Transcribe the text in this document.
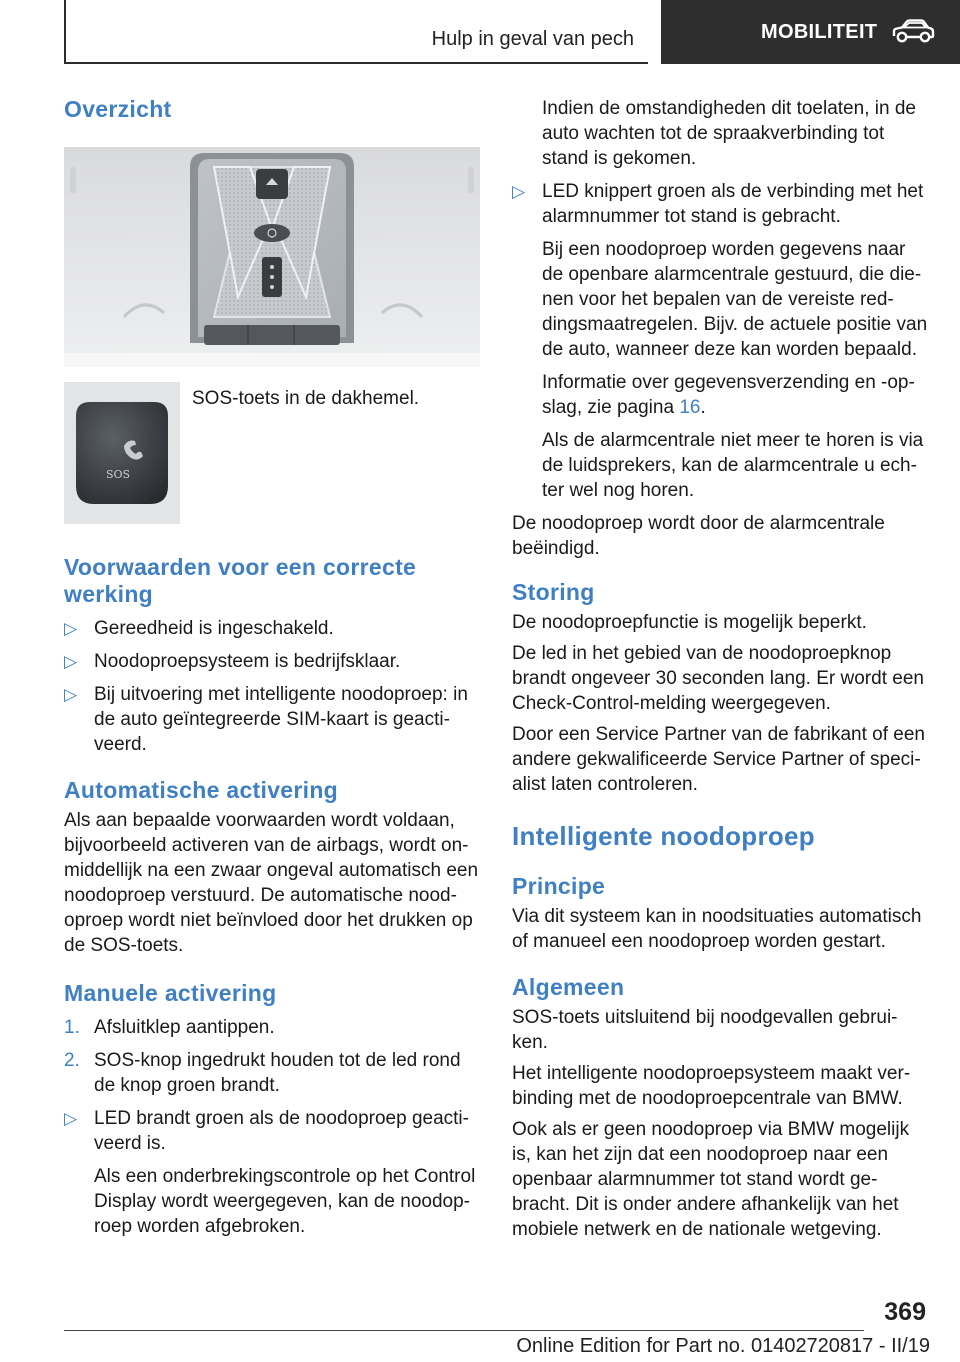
Hulp in geval van pech	MOBILITEIT
Overzicht
SOS
SOS-toets in de dakhemel.
Voorwaarden voor een correcte werking
▷ Gereedheid is ingeschakeld.
▷ Noodoproepsysteem is bedrijfsklaar.
▷ Bij uitvoering met intelligente noodoproep: in de auto geïntegreerde SIM-kaart is geacti-veerd.
Automatische activering

Als aan bepaalde voorwaarden wordt voldaan, bijvoorbeeld activeren van de airbags, wordt on-middellijk na een zwaar ongeval automatisch een noodoproep verstuurd. De automatische nood-oproep wordt niet beïnvloed door het drukken op de SOS-toets.

Manuele activering
1. Afsluitklep aantippen.
2. SOS-knop ingedrukt houden tot de led rond de knop groen brandt.
▷ LED brandt groen als de noodoproep geacti-veerd is.

Als een onderbrekingscontrole op het Control Display wordt weergegeven, kan de noodop-roep worden afgebroken.

Indien de omstandigheden dit toelaten, in de auto wachten tot de spraakverbinding tot stand is gekomen.

▷ LED knippert groen als de verbinding met het alarmnummer tot stand is gebracht.

Bij een noodoproep worden gegevens naar de openbare alarmcentrale gestuurd, die die-nen voor het bepalen van de vereiste red-dingsmaatregelen. Bijv. de actuele positie van de auto, wanneer deze kan worden bepaald.

Informatie over gegevensverzending en -op-slag, zie pagina 16.

Als de alarmcentrale niet meer te horen is via de luidsprekers, kan de alarmcentrale u ech-ter wel nog horen.

De noodoproep wordt door de alarmcentrale beëindigd.

Storing

De noodoproepfunctie is mogelijk beperkt.

De led in het gebied van de noodoproepknop brandt ongeveer 30 seconden lang. Er wordt een Check-Control-melding weergegeven.

Door een Service Partner van de fabrikant of een andere gekwalificeerde Service Partner of speci-alist laten controleren.

Intelligente noodoproep
Principe

Via dit systeem kan in noodsituaties automatisch of manueel een noodoproep worden gestart.

Algemeen

SOS-toets uitsluitend bij noodgevallen gebrui-ken.

Het intelligente noodoproepsysteem maakt ver-binding met de noodoproepcentrale van BMW.

Ook als er geen noodoproep via BMW mogelijk is, kan het zijn dat een noodoproep naar een openbaar alarmnummer tot stand wordt ge-bracht. Dit is onder andere afhankelijk van het mobiele netwerk en de nationale wetgeving.

369
Online Edition for Part no. 01402720817 - II/19
